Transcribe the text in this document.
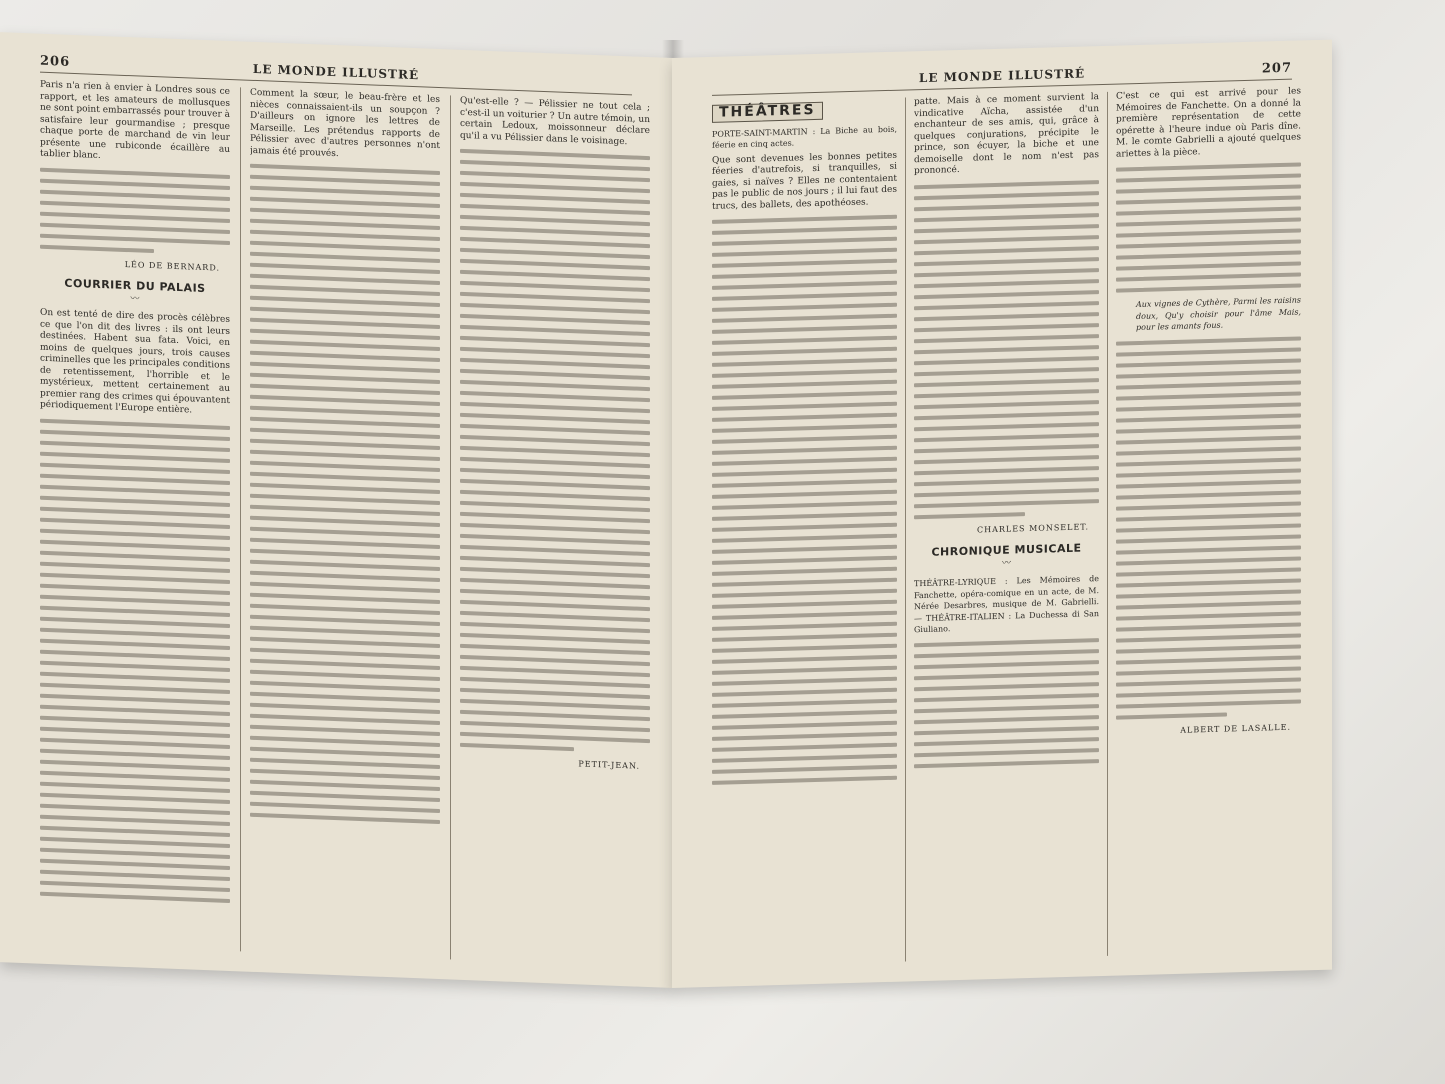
206
LE MONDE ILLUSTRÉ

Paris n'a rien à envier à Londres sous ce rapport, et les amateurs de mollusques ne sont point embarrassés pour trouver à satisfaire leur gourmandise ; presque chaque porte de marchand de vin leur présente une rubiconde écaillère au tablier blanc.

LÉO DE BERNARD.
COURRIER DU PALAIS
〰

On est tenté de dire des procès célèbres ce que l'on dit des livres : ils ont leurs destinées. Habent sua fata. Voici, en moins de quelques jours, trois causes criminelles que les principales conditions de retentissement, l'horrible et le mystérieux, mettent certainement au premier rang des crimes qui épouvantent périodiquement l'Europe entière.

Comment la sœur, le beau-frère et les nièces connaissaient-ils un soupçon ? D'ailleurs on ignore les lettres de Marseille. Les prétendus rapports de Pélissier avec d'autres personnes n'ont jamais été prouvés.

Qu'est-elle ? — Pélissier ne tout cela ; c'est-il un voiturier ? Un autre témoin, un certain Ledoux, moissonneur déclare qu'il a vu Pélissier dans le voisinage.

PETIT-JEAN.
LE MONDE ILLUSTRÉ	207
THÉÂTRES

PORTE-SAINT-MARTIN : La Biche au bois, féerie en cinq actes.

Que sont devenues les bonnes petites féeries d'autrefois, si tranquilles, si gaies, si naïves ? Elles ne contentaient pas le public de nos jours ; il lui faut des trucs, des ballets, des apothéoses.

patte. Mais à ce moment survient la vindicative Aïcha, assistée d'un enchanteur de ses amis, qui, grâce à quelques conjurations, précipite le prince, son écuyer, la biche et une demoiselle dont le nom n'est pas prononcé.

CHARLES MONSELET.
CHRONIQUE MUSICALE
〰

THÉÂTRE-LYRIQUE : Les Mémoires de Fanchette, opéra-comique en un acte, de M. Nérée Desarbres, musique de M. Gabrielli. — THÉÂTRE-ITALIEN : La Duchessa di San Giuliano.

C'est ce qui est arrivé pour les Mémoires de Fanchette. On a donné la première représentation de cette opérette à l'heure indue où Paris dîne. M. le comte Gabrielli a ajouté quelques ariettes à la pièce.

Aux vignes de Cythère, Parmi les raisins doux, Qu'y choisir pour l'âme Mais, pour les amants fous.

ALBERT DE LASALLE.
